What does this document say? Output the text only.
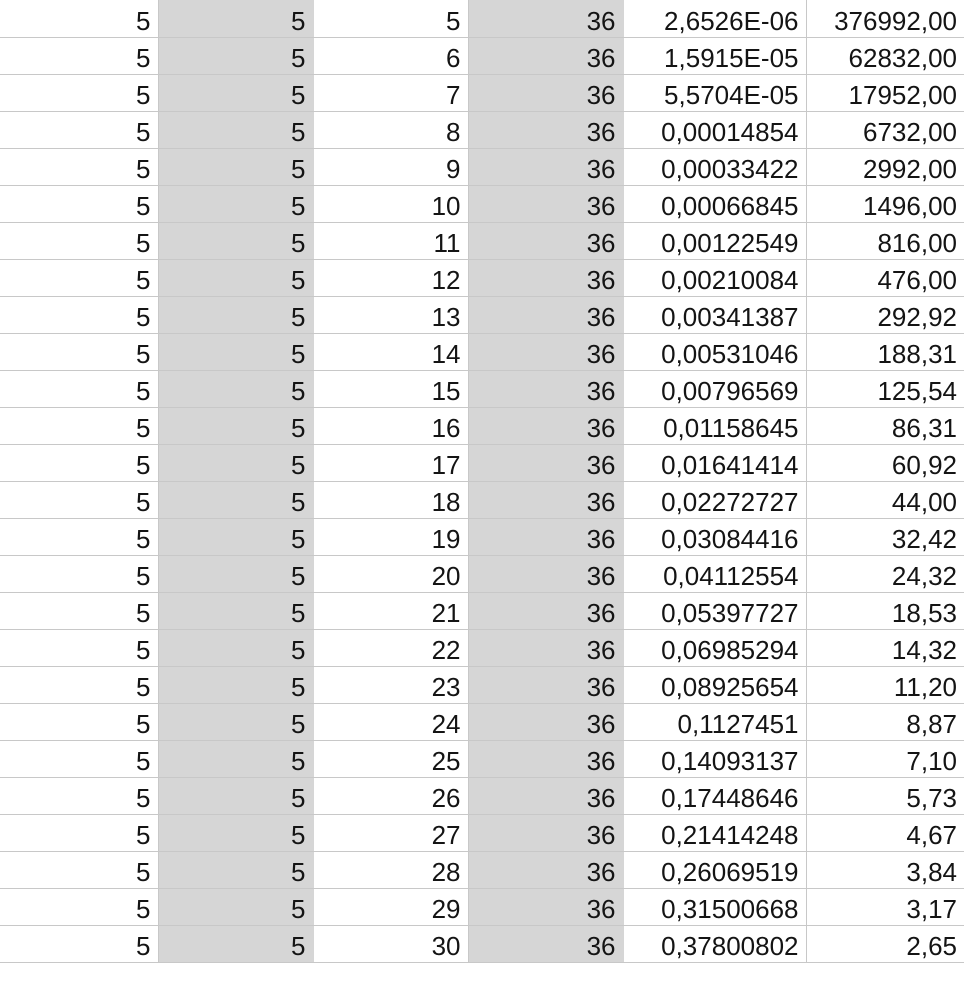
5	5	5	36	2,6526E-06	376992,00
5	5	6	36	1,5915E-05	62832,00
5	5	7	36	5,5704E-05	17952,00
5	5	8	36	0,00014854	6732,00
5	5	9	36	0,00033422	2992,00
5	5	10	36	0,00066845	1496,00
5	5	11	36	0,00122549	816,00
5	5	12	36	0,00210084	476,00
5	5	13	36	0,00341387	292,92
5	5	14	36	0,00531046	188,31
5	5	15	36	0,00796569	125,54
5	5	16	36	0,01158645	86,31
5	5	17	36	0,01641414	60,92
5	5	18	36	0,02272727	44,00
5	5	19	36	0,03084416	32,42
5	5	20	36	0,04112554	24,32
5	5	21	36	0,05397727	18,53
5	5	22	36	0,06985294	14,32
5	5	23	36	0,08925654	11,20
5	5	24	36	0,1127451	8,87
5	5	25	36	0,14093137	7,10
5	5	26	36	0,17448646	5,73
5	5	27	36	0,21414248	4,67
5	5	28	36	0,26069519	3,84
5	5	29	36	0,31500668	3,17
5	5	30	36	0,37800802	2,65
